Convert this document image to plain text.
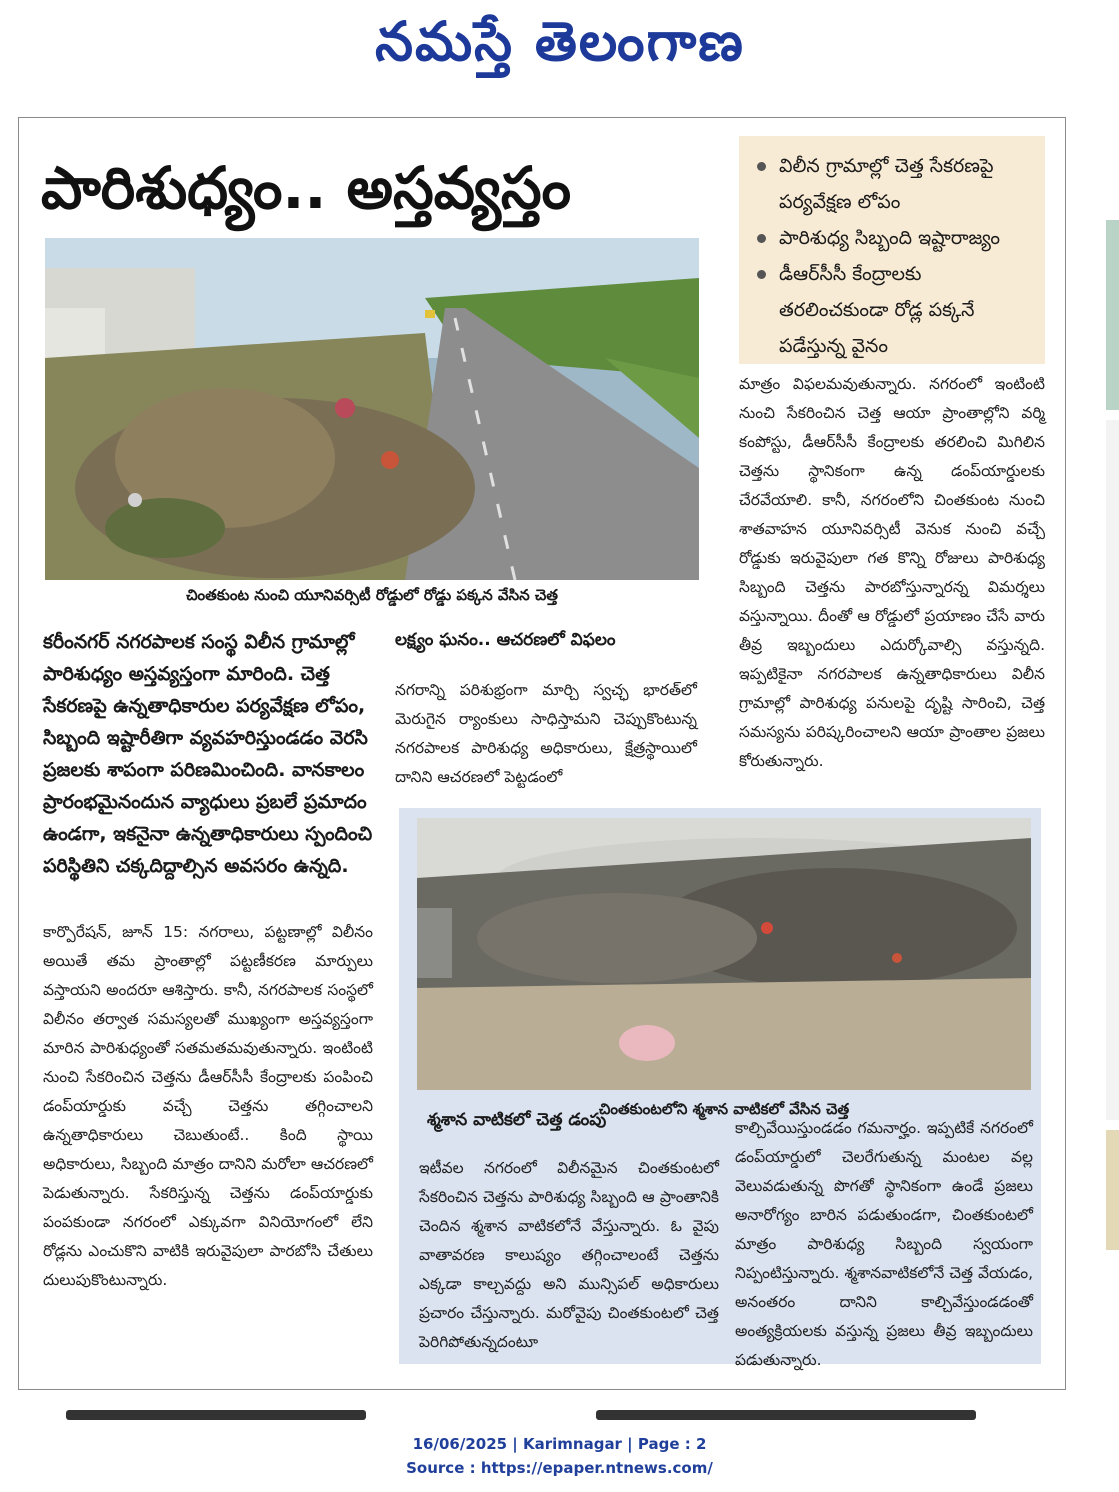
నమస్తే తెలంగాణ
పారిశుధ్యం.. అస్తవ్యస్తం	విలీన గ్రామాల్లో చెత్త సేకరణపై పర్యవేక్షణ లోపం
పారిశుధ్య సిబ్బంది ఇష్టారాజ్యం
డీఆర్‌సీసీ కేంద్రాలకు తరలించకుండా రోడ్ల పక్కనే పడేస్తున్న వైనం
చింతకుంట నుంచి యూనివర్సిటీ రోడ్డులో రోడ్డు పక్కన వేసిన చెత్త
లక్ష్యం ఘనం.. ఆచరణలో విఫలం
నగరాన్ని పరిశుభ్రంగా మార్చి స్వచ్ఛ భారత్‌లో మెరుగైన ర్యాంకులు సాధిస్తామని చెప్పుకొంటున్న నగరపాలక పారిశుధ్య అధికారులు, క్షేత్రస్థాయిలో దానిని ఆచరణలో పెట్టడంలో
మాత్రం విఫలమవుతున్నారు. నగరంలో ఇంటింటి నుంచి సేకరించిన చెత్త ఆయా ప్రాంతాల్లోని వర్మి కంపోస్టు, డీఆర్‌సీసీ కేంద్రాలకు తరలించి మిగిలిన చెత్తను స్థానికంగా ఉన్న డంప్‌యార్డులకు చేరవేయాలి. కానీ, నగరంలోని చింతకుంట నుంచి శాతవాహన యూనివర్సిటీ వెనుక నుంచి వచ్చే రోడ్డుకు ఇరువైపులా గత కొన్ని రోజులు పారిశుధ్య సిబ్బంది చెత్తను పారబోస్తున్నారన్న విమర్శలు వస్తున్నాయి. దీంతో ఆ రోడ్డులో ప్రయాణం చేసే వారు తీవ్ర ఇబ్బందులు ఎదుర్కోవాల్సి వస్తున్నది. ఇప్పటికైనా నగరపాలక ఉన్నతాధికారులు విలీన గ్రామాల్లో పారిశుధ్య పనులపై దృష్టి సారించి, చెత్త సమస్యను పరిష్కరించాలని ఆయా ప్రాంతాల ప్రజలు కోరుతున్నారు.
కరీంనగర్ నగరపాలక సంస్థ విలీన గ్రామాల్లో పారిశుధ్యం అస్తవ్యస్తంగా మారింది. చెత్త సేకరణపై ఉన్నతాధికారుల పర్యవేక్షణ లోపం, సిబ్బంది ఇష్టారీతిగా వ్యవహరిస్తుండడం వెరసి ప్రజలకు శాపంగా పరిణమించింది. వానకాలం ప్రారంభమైనందున వ్యాధులు ప్రబలే ప్రమాదం ఉండగా, ఇకనైనా ఉన్నతాధికారులు స్పందించి పరిస్థితిని చక్కదిద్దాల్సిన అవసరం ఉన్నది.
కార్పొరేషన్, జూన్ 15: నగరాలు, పట్టణాల్లో విలీనం అయితే తమ ప్రాంతాల్లో పట్టణీకరణ మార్పులు వస్తాయని అందరూ ఆశిస్తారు. కానీ, నగరపాలక సంస్థలో విలీనం తర్వాత సమస్యలతో ముఖ్యంగా అస్తవ్యస్తంగా మారిన పారిశుధ్యంతో సతమతమవుతున్నారు. ఇంటింటి నుంచి సేకరించిన చెత్తను డీఆర్‌సీసీ కేంద్రాలకు పంపించి డంప్‌యార్డుకు వచ్చే చెత్తను తగ్గించాలని ఉన్నతాధికారులు చెబుతుంటే.. కింది స్థాయి అధికారులు, సిబ్బంది మాత్రం దానిని మరోలా ఆచరణలో పెడుతున్నారు. సేకరిస్తున్న చెత్తను డంప్‌యార్డుకు పంపకుండా నగరంలో ఎక్కువగా వినియోగంలో లేని రోడ్లను ఎంచుకొని వాటికి ఇరువైపులా పారబోసి చేతులు దులుపుకొంటున్నారు.
చింతకుంటలోని శ్మశాన వాటికలో వేసిన చెత్త
శ్మశాన వాటికలో చెత్త డంపు
ఇటీవల నగరంలో విలీనమైన చింతకుంటలో సేకరించిన చెత్తను పారిశుధ్య సిబ్బంది ఆ ప్రాంతానికి చెందిన శ్మశాన వాటికలోనే వేస్తున్నారు. ఓ వైపు వాతావరణ కాలుష్యం తగ్గించాలంటే చెత్తను ఎక్కడా కాల్చవద్దు అని మున్సిపల్ అధికారులు ప్రచారం చేస్తున్నారు. మరోవైపు చింతకుంటలో చెత్త పెరిగిపోతున్నదంటూ
కాల్చివేయిస్తుండడం గమనార్హం. ఇప్పటికే నగరంలో డంప్‌యార్డులో చెలరేగుతున్న మంటల వల్ల వెలువడుతున్న పొగతో స్థానికంగా ఉండే ప్రజలు అనారోగ్యం బారిన పడుతుండగా, చింతకుంటలో మాత్రం పారిశుధ్య సిబ్బంది స్వయంగా నిప్పంటిస్తున్నారు. శ్మశానవాటికలోనే చెత్త వేయడం, అనంతరం దానిని కాల్చివేస్తుండడంతో అంత్యక్రియలకు వస్తున్న ప్రజలు తీవ్ర ఇబ్బందులు పడుతున్నారు.
16/06/2025 | Karimnagar | Page : 2
Source : https://epaper.ntnews.com/
